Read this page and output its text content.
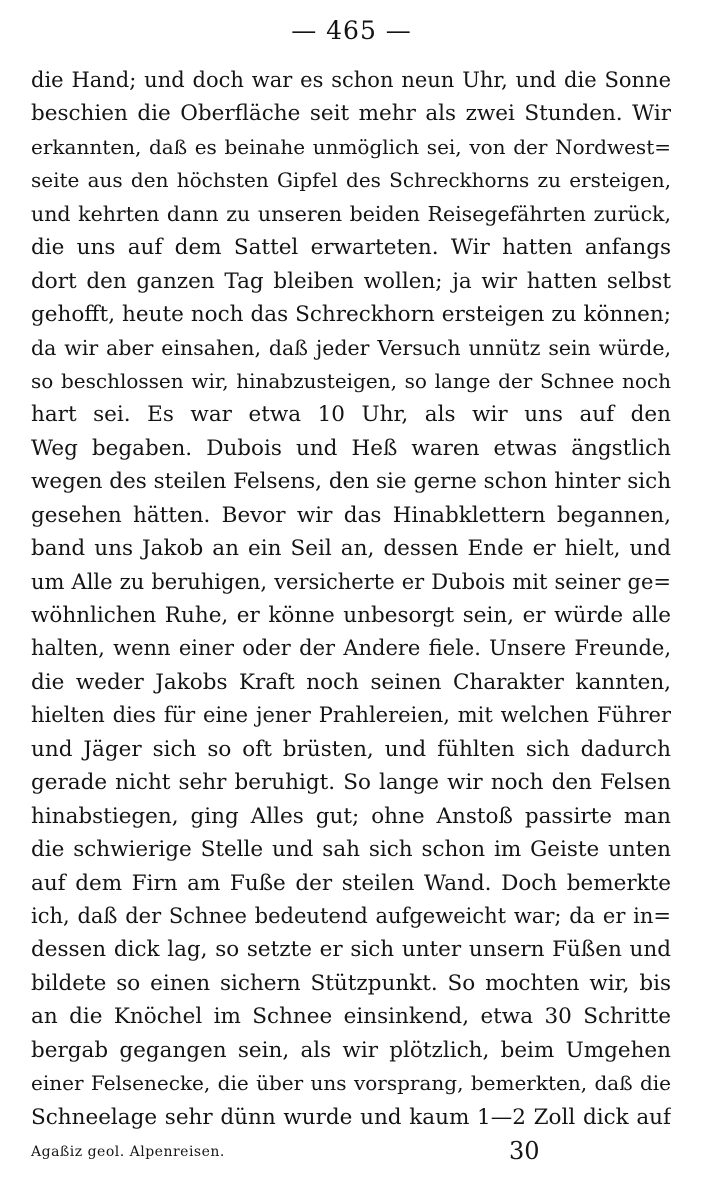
— 465 —
die Hand; und doch war es schon neun Uhr, und die Sonne
beschien die Oberfläche seit mehr als zwei Stunden. Wir
erkannten, daß es beinahe unmöglich sei, von der Nordwest=
seite aus den höchsten Gipfel des Schreckhorns zu ersteigen,
und kehrten dann zu unseren beiden Reisegefährten zurück,
die uns auf dem Sattel erwarteten. Wir hatten anfangs
dort den ganzen Tag bleiben wollen; ja wir hatten selbst
gehofft, heute noch das Schreckhorn ersteigen zu können;
da wir aber einsahen, daß jeder Versuch unnütz sein würde,
so beschlossen wir, hinabzusteigen, so lange der Schnee noch
hart sei. Es war etwa 10 Uhr, als wir uns auf den
Weg begaben. Dubois und Heß waren etwas ängstlich
wegen des steilen Felsens, den sie gerne schon hinter sich
gesehen hätten. Bevor wir das Hinabklettern begannen,
band uns Jakob an ein Seil an, dessen Ende er hielt, und
um Alle zu beruhigen, versicherte er Dubois mit seiner ge=
wöhnlichen Ruhe, er könne unbesorgt sein, er würde alle
halten, wenn einer oder der Andere fiele. Unsere Freunde,
die weder Jakobs Kraft noch seinen Charakter kannten,
hielten dies für eine jener Prahlereien, mit welchen Führer
und Jäger sich so oft brüsten, und fühlten sich dadurch
gerade nicht sehr beruhigt. So lange wir noch den Felsen
hinabstiegen, ging Alles gut; ohne Anstoß passirte man
die schwierige Stelle und sah sich schon im Geiste unten
auf dem Firn am Fuße der steilen Wand. Doch bemerkte
ich, daß der Schnee bedeutend aufgeweicht war; da er in=
dessen dick lag, so setzte er sich unter unsern Füßen und
bildete so einen sichern Stützpunkt. So mochten wir, bis
an die Knöchel im Schnee einsinkend, etwa 30 Schritte
bergab gegangen sein, als wir plötzlich, beim Umgehen
einer Felsenecke, die über uns vorsprang, bemerkten, daß die
Schneelage sehr dünn wurde und kaum 1—2 Zoll dick auf
Agaßiz geol. Alpenreisen.	30
